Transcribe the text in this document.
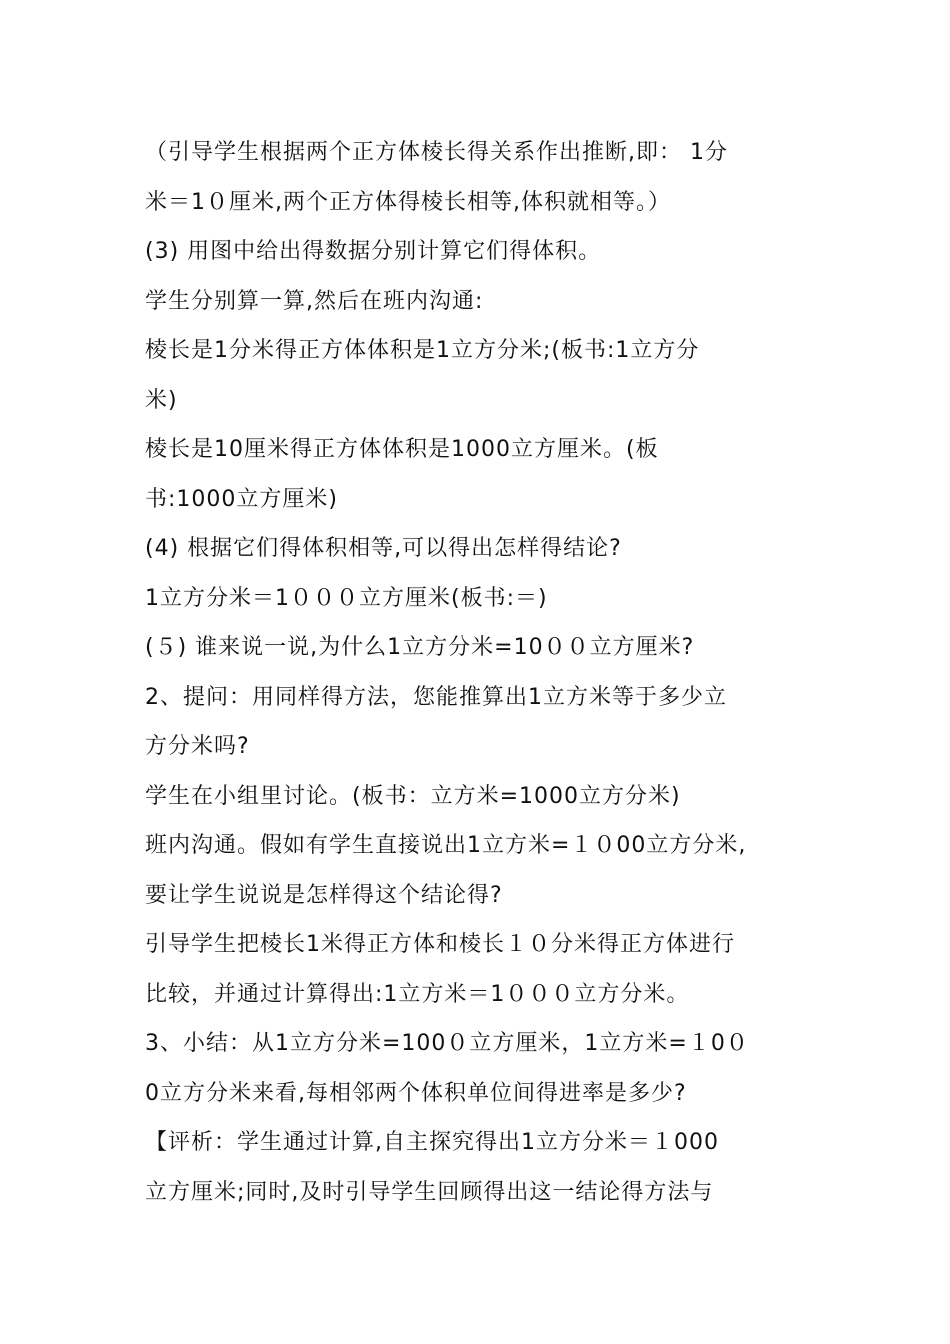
（引导学生根据两个正方体棱长得关系作出推断,即： 1分

米＝1０厘米,两个正方体得棱长相等,体积就相等。）

(3) 用图中给出得数据分别计算它们得体积。

学生分别算一算,然后在班内沟通:

棱长是1分米得正方体体积是1立方分米;(板书:1立方分

米)

棱长是10厘米得正方体体积是1000立方厘米。(板

书:1000立方厘米)

(4) 根据它们得体积相等,可以得出怎样得结论?

1立方分米＝1０００立方厘米(板书:＝)

(５) 谁来说一说,为什么1立方分米=10００立方厘米?

2、提问：用同样得方法，您能推算出1立方米等于多少立

方分米吗?

学生在小组里讨论。(板书：立方米=1000立方分米)

班内沟通。假如有学生直接说出1立方米=１０00立方分米,

要让学生说说是怎样得这个结论得?

引导学生把棱长1米得正方体和棱长１０分米得正方体进行

比较，并通过计算得出:1立方米＝1０００立方分米。

3、小结：从1立方分米=100０立方厘米，1立方米=１0０

0立方分米来看,每相邻两个体积单位间得进率是多少?

【评析：学生通过计算,自主探究得出1立方分米＝１000

立方厘米;同时,及时引导学生回顾得出这一结论得方法与
